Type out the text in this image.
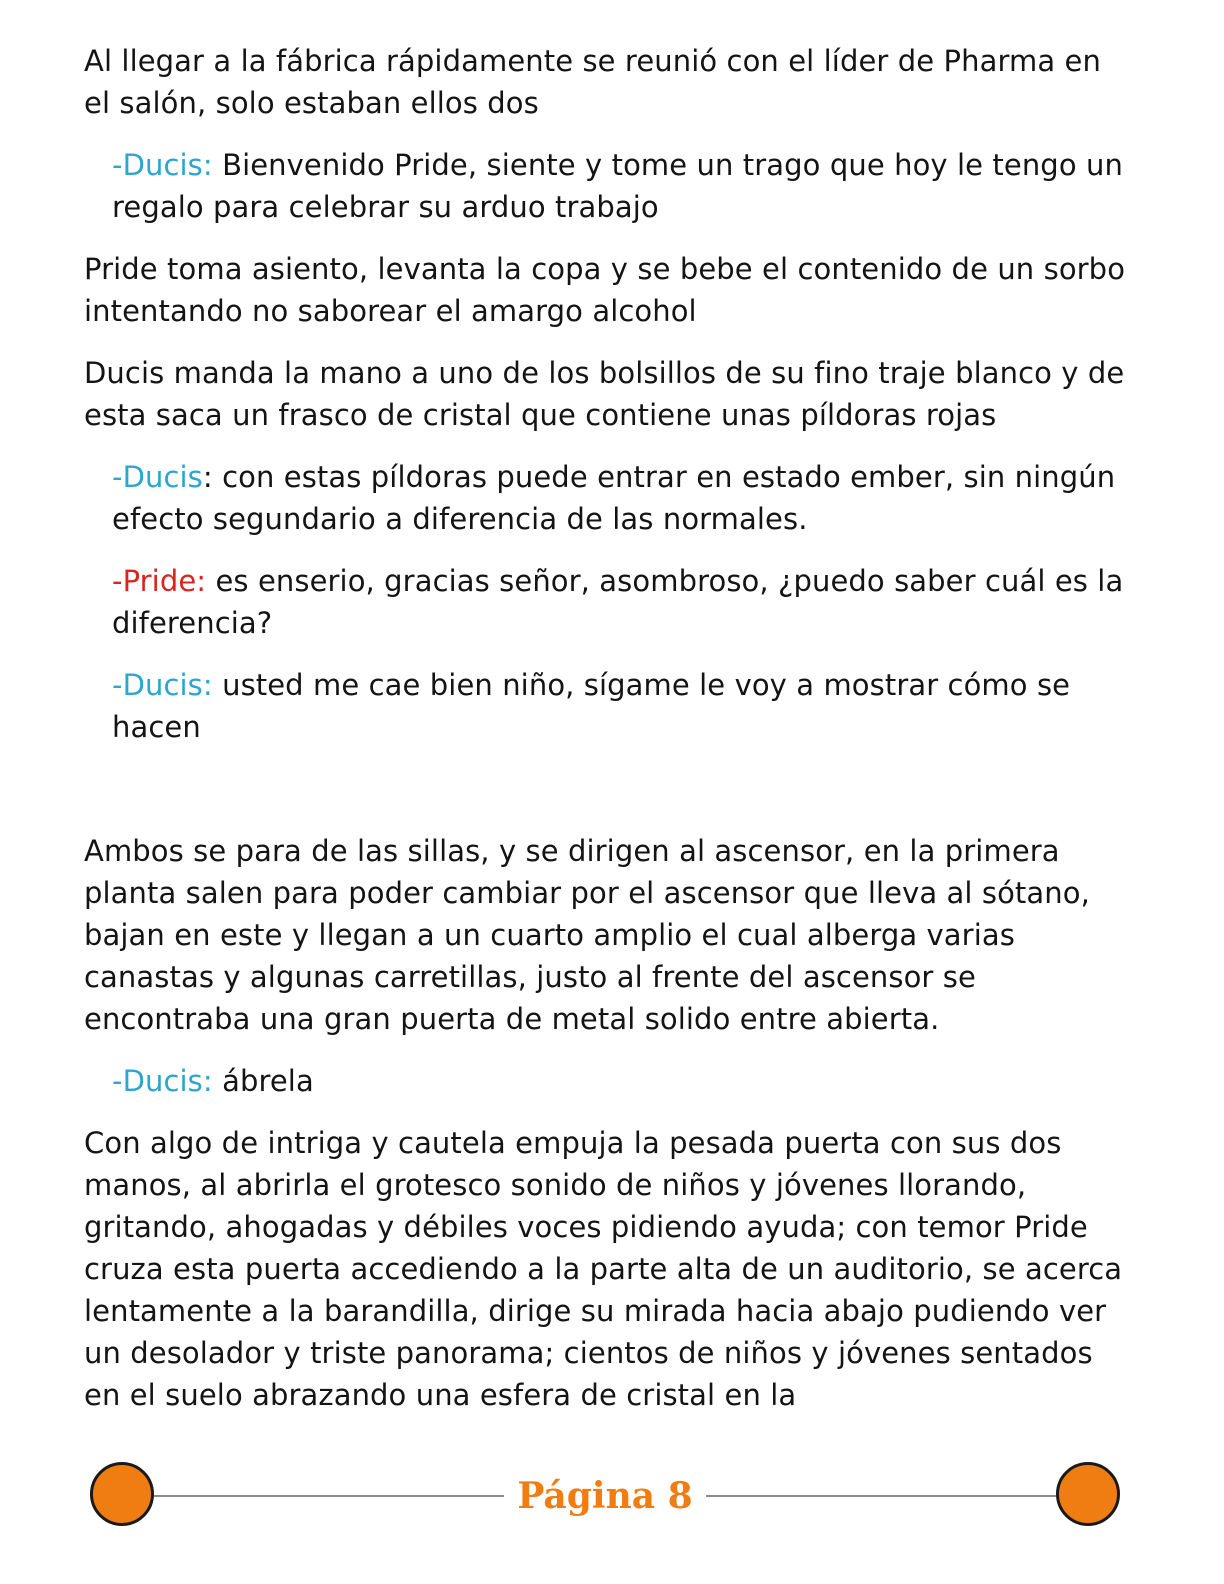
Al llegar a la fábrica rápidamente se reunió con el líder de Pharma en el salón, solo estaban ellos dos

-Ducis: Bienvenido Pride, siente y tome un trago que hoy le tengo un regalo para celebrar su arduo trabajo

Pride toma asiento, levanta la copa y se bebe el contenido de un sorbo intentando no saborear el amargo alcohol

Ducis manda la mano a uno de los bolsillos de su fino traje blanco y de esta saca un frasco de cristal que contiene unas píldoras rojas

-Ducis: con estas píldoras puede entrar en estado ember, sin ningún efecto segundario a diferencia de las normales.

-Pride: es enserio, gracias señor, asombroso, ¿puedo saber cuál es la diferencia?

-Ducis: usted me cae bien niño, sígame le voy a mostrar cómo se hacen

Ambos se para de las sillas, y se dirigen al ascensor, en la primera planta salen para poder cambiar por el ascensor que lleva al sótano, bajan en este y llegan a un cuarto amplio el cual alberga varias canastas y algunas carretillas, justo al frente del ascensor se encontraba una gran puerta de metal solido entre abierta.

-Ducis: ábrela

Con algo de intriga y cautela empuja la pesada puerta con sus dos manos, al abrirla el grotesco sonido de niños y jóvenes llorando, gritando, ahogadas y débiles voces pidiendo ayuda; con temor Pride cruza esta puerta accediendo a la parte alta de un auditorio, se acerca lentamente a la barandilla, dirige su mirada hacia abajo pudiendo ver un desolador y triste panorama; cientos de niños y jóvenes sentados en el suelo abrazando una esfera de cristal en la

Página 8
